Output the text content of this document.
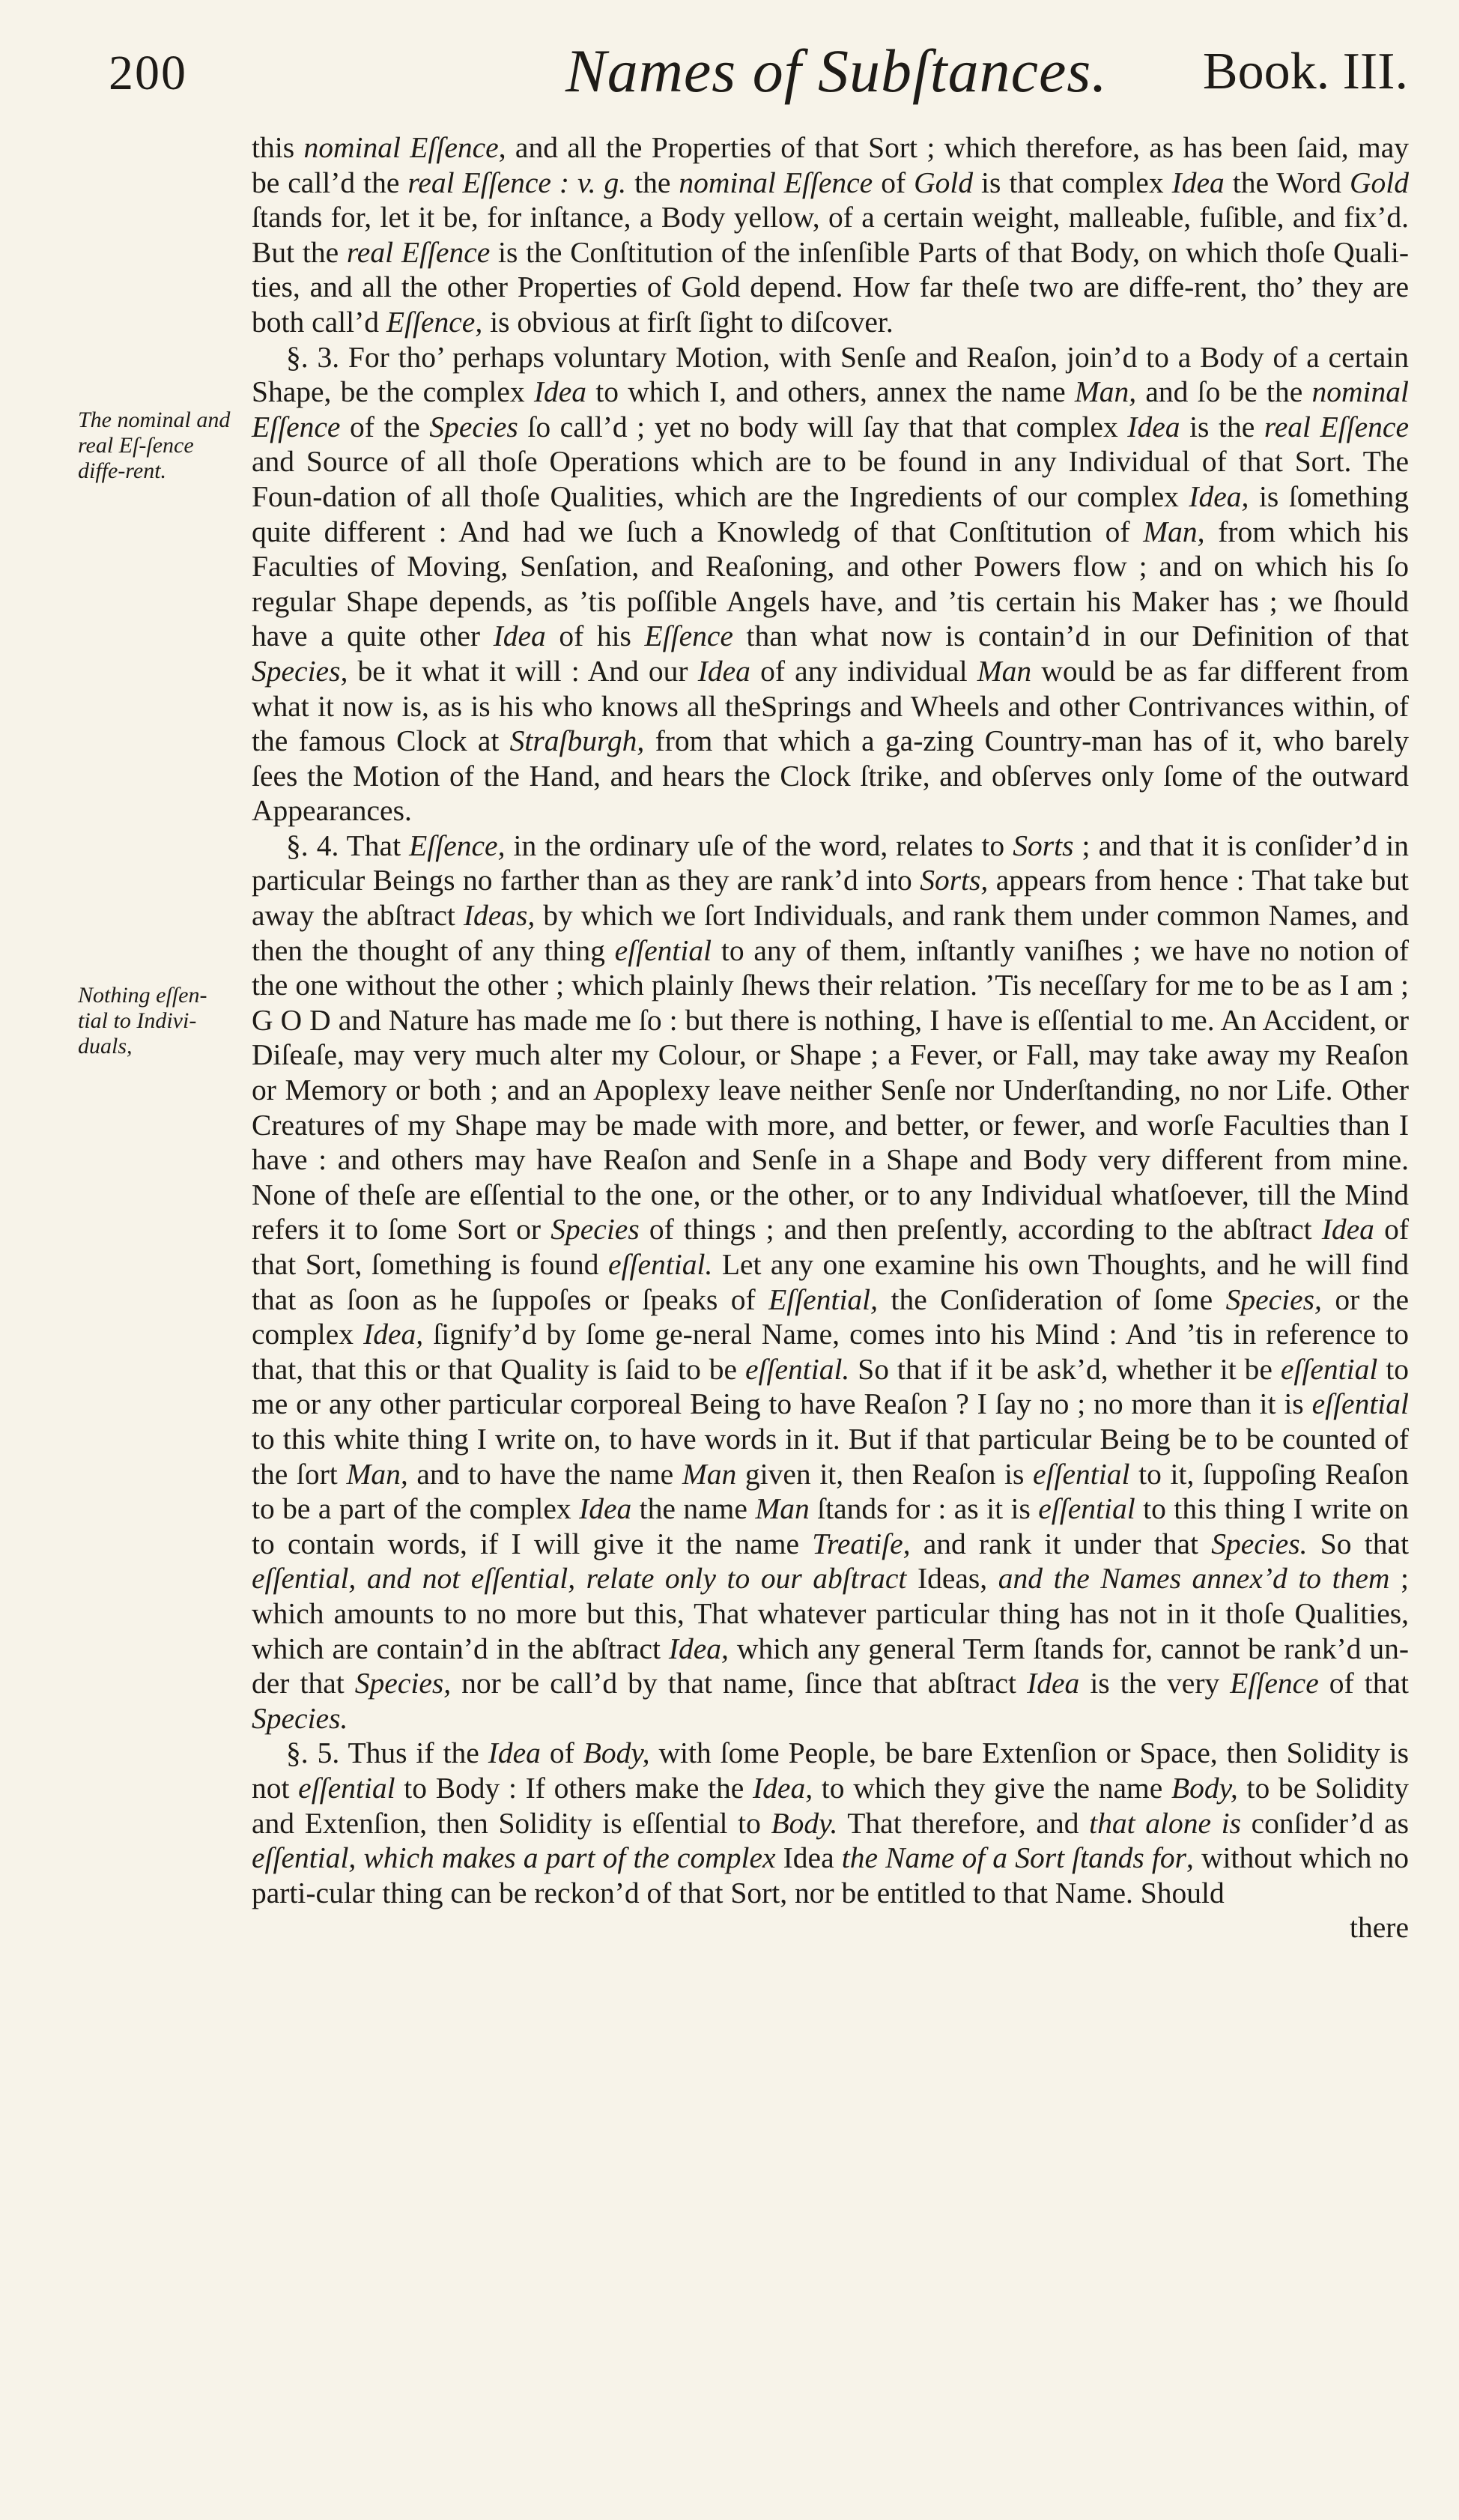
200	Names of Subſtances. Book. III.
The nominal and real Eſ-ſence diffe-rent.
Nothing eſſen-tial to Indivi-duals,

this nominal Eſſence, and all the Properties of that Sort ; which therefore, as has been ſaid, may be call’d the real Eſſence : v. g. the nominal Eſſence of Gold is that complex Idea the Word Gold ſtands for, let it be, for inſtance, a Body yellow, of a certain weight, malleable, fuſible, and fix’d. But the real Eſſence is the Conſtitution of the inſenſible Parts of that Body, on which thoſe Quali-ties, and all the other Properties of Gold depend. How far theſe two are diffe-rent, tho’ they are both call’d Eſſence, is obvious at firſt ſight to diſcover.

§. 3. For tho’ perhaps voluntary Motion, with Senſe and Reaſon, join’d to a Body of a certain Shape, be the complex Idea to which I, and others, annex the name Man, and ſo be the nominal Eſſence of the Species ſo call’d ; yet no body will ſay that that complex Idea is the real Eſſence and Source of all thoſe Operations which are to be found in any Individual of that Sort. The Foun-dation of all thoſe Qualities, which are the Ingredients of our complex Idea, is ſomething quite different : And had we ſuch a Knowledg of that Conſtitution of Man, from which his Faculties of Moving, Senſation, and Reaſoning, and other Powers flow ; and on which his ſo regular Shape depends, as ’tis poſſible Angels have, and ’tis certain his Maker has ; we ſhould have a quite other Idea of his Eſſence than what now is contain’d in our Definition of that Species, be it what it will : And our Idea of any individual Man would be as far different from what it now is, as is his who knows all theSprings and Wheels and other Contrivances within, of the famous Clock at Straſburgh, from that which a ga-zing Country-man has of it, who barely ſees the Motion of the Hand, and hears the Clock ſtrike, and obſerves only ſome of the outward Appearances.

§. 4. That Eſſence, in the ordinary uſe of the word, relates to Sorts ; and that it is conſider’d in particular Beings no farther than as they are rank’d into Sorts, appears from hence : That take but away the abſtract Ideas, by which we ſort Individuals, and rank them under common Names, and then the thought of any thing eſſential to any of them, inſtantly vaniſhes ; we have no notion of the one without the other ; which plainly ſhews their relation. ’Tis neceſſary for me to be as I am ; G O D and Nature has made me ſo : but there is nothing, I have is eſſential to me. An Accident, or Diſeaſe, may very much alter my Colour, or Shape ; a Fever, or Fall, may take away my Reaſon or Memory or both ; and an Apoplexy leave neither Senſe nor Underſtanding, no nor Life. Other Creatures of my Shape may be made with more, and better, or fewer, and worſe Faculties than I have : and others may have Reaſon and Senſe in a Shape and Body very different from mine. None of theſe are eſſential to the one, or the other, or to any Individual whatſoever, till the Mind refers it to ſome Sort or Species of things ; and then preſently, according to the abſtract Idea of that Sort, ſomething is found eſſential. Let any one examine his own Thoughts, and he will find that as ſoon as he ſuppoſes or ſpeaks of Eſſential, the Conſideration of ſome Species, or the complex Idea, ſignify’d by ſome ge-neral Name, comes into his Mind : And ’tis in reference to that, that this or that Quality is ſaid to be eſſential. So that if it be ask’d, whether it be eſſential to me or any other particular corporeal Being to have Reaſon ? I ſay no ; no more than it is eſſential to this white thing I write on, to have words in it. But if that particular Being be to be counted of the ſort Man, and to have the name Man given it, then Reaſon is eſſential to it, ſuppoſing Reaſon to be a part of the complex Idea the name Man ſtands for : as it is eſſential to this thing I write on to contain words, if I will give it the name Treatiſe, and rank it under that Species. So that eſſential, and not eſſential, relate only to our abſtract Ideas, and the Names annex’d to them ; which amounts to no more but this, That whatever particular thing has not in it thoſe Qualities, which are contain’d in the abſtract Idea, which any general Term ſtands for, cannot be rank’d un-der that Species, nor be call’d by that name, ſince that abſtract Idea is the very Eſſence of that Species.

§. 5. Thus if the Idea of Body, with ſome People, be bare Extenſion or Space, then Solidity is not eſſential to Body : If others make the Idea, to which they give the name Body, to be Solidity and Extenſion, then Solidity is eſſential to Body. That therefore, and that alone is conſider’d as eſſential, which makes a part of the complex Idea the Name of a Sort ſtands for, without which no parti-cular thing can be reckon’d of that Sort, nor be entitled to that Name. Should

there
